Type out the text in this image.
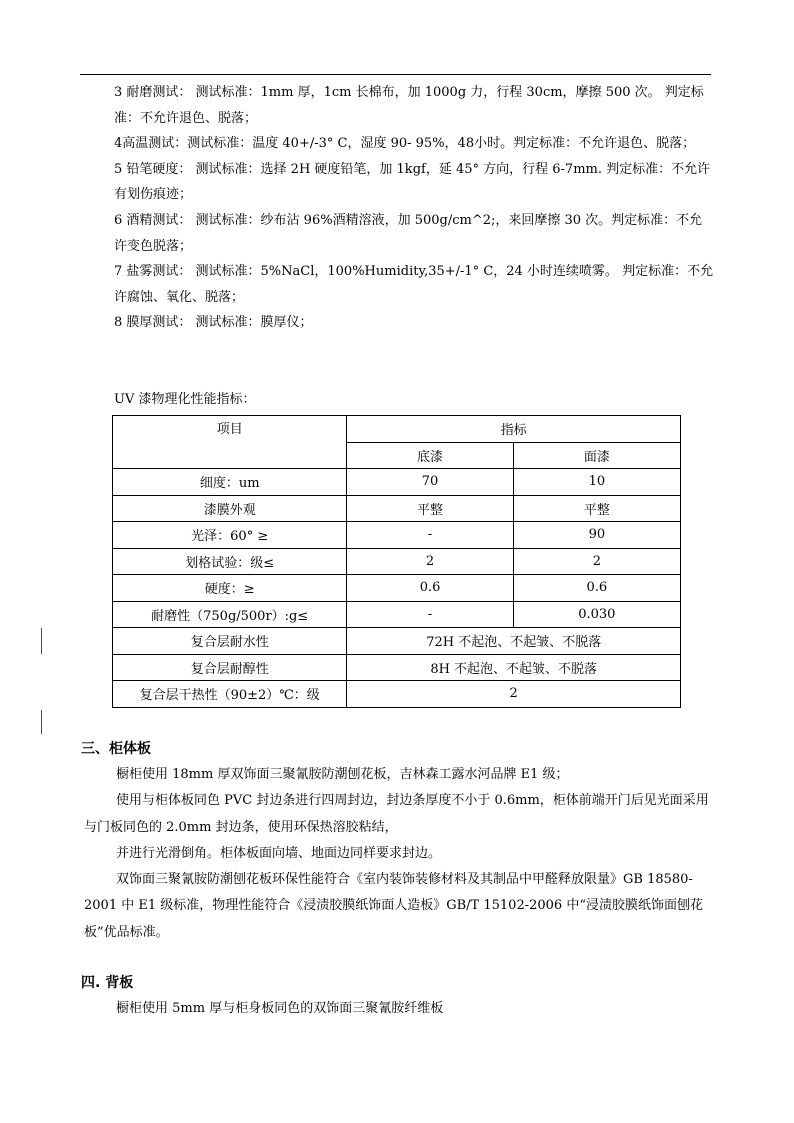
3 耐磨测试： 测试标准：1mm 厚，1cm 长棉布，加 1000g 力，行程 30cm，摩擦 500 次。 判定标准：不允许退色、脱落；

4高温测试：测试标准：温度 40+/-3° C，湿度 90- 95%，48小时。判定标准：不允许退色、脱落；

5 铅笔硬度： 测试标准：选择 2H 硬度铅笔，加 1kgf，延 45° 方向，行程 6-7mm. 判定标准：不允许有划伤痕迹；

6 酒精测试： 测试标准：纱布沾 96%酒精溶液，加 500g/cm^2;，来回摩擦 30 次。判定标准：不允许变色脱落；

7 盐雾测试： 测试标准：5%NaCl，100%Humidity,35+/-1° C，24 小时连续喷雾。 判定标准：不允许腐蚀、氧化、脱落；

8 膜厚测试： 测试标准：膜厚仪；

UV 漆物理化性能指标：
项目	指标	
	底漆	面漆
细度：um	70	10
漆膜外观	平整	平整
光泽：60° ≥	-	90
划格试验：级≤	2	2
硬度：≥	0.6	0.6
耐磨性（750g/500r）:g≤	-	0.030
复合层耐水性	72H 不起泡、不起皱、不脱落	
复合层耐醇性	8H 不起泡、不起皱、不脱落	
复合层干热性（90±2）℃：级	2	
三、柜体板

橱柜使用 18mm 厚双饰面三聚氰胺防潮刨花板，吉林森工露水河品牌 E1 级；

使用与柜体板同色 PVC 封边条进行四周封边，封边条厚度不小于 0.6mm，柜体前端开门后见光面采用与门板同色的 2.0mm 封边条，使用环保热溶胶粘结，

并进行光滑倒角。柜体板面向墙、地面边同样要求封边。

双饰面三聚氰胺防潮刨花板环保性能符合《室内装饰装修材料及其制品中甲醛释放限量》GB 18580-2001 中 E1 级标准，物理性能符合《浸渍胶膜纸饰面人造板》GB/T 15102-2006 中“浸渍胶膜纸饰面刨花板”优品标准。

四. 背板

橱柜使用 5mm 厚与柜身板同色的双饰面三聚氰胺纤维板
